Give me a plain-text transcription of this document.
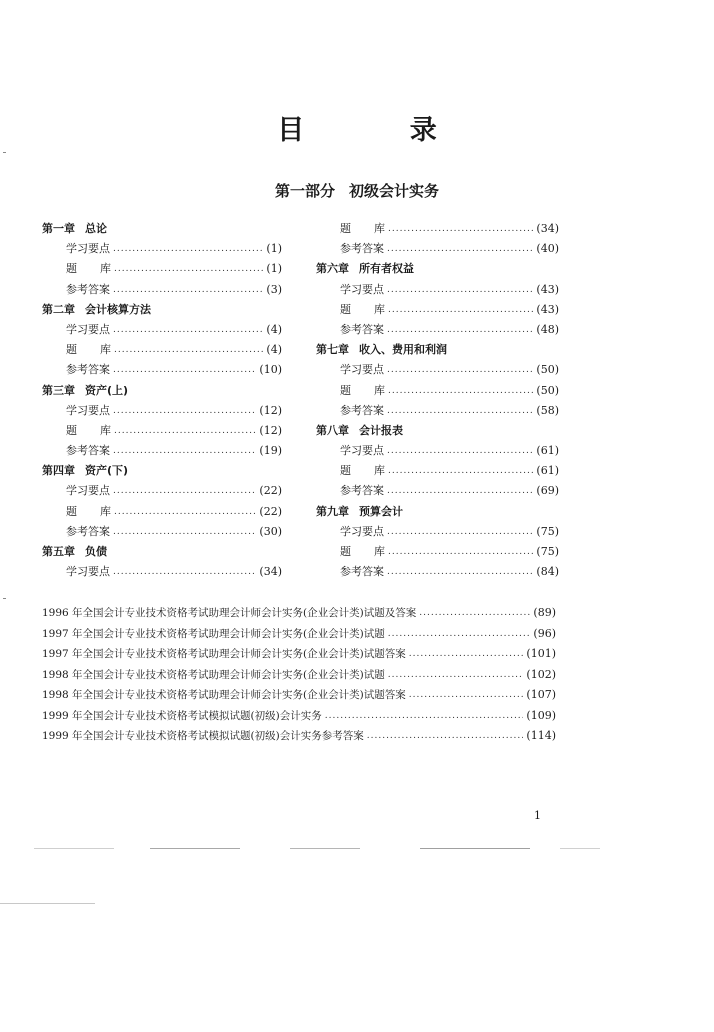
目 录
第一部分 初级会计实务
第一章 总论
学习要点 .....	(1)
题 库 .....	(1)
参考答案 .....	(3)
第二章 会计核算方法
学习要点 .....	(4)
题 库 .....	(4)
参考答案 .....	(10)
第三章 资产(上)
学习要点 .....	(12)
题 库 .....	(12)
参考答案 .....	(19)
第四章 资产(下)
学习要点 .....	(22)
题 库 .....	(22)
参考答案 .....	(30)
第五章 负债
学习要点 .....	(34)
题 库 .....	(34)
参考答案 .....	(40)
第六章 所有者权益
学习要点 .....	(43)
题 库 .....	(43)
参考答案 .....	(48)
第七章 收入、费用和利润
学习要点 .....	(50)
题 库 .....	(50)
参考答案 .....	(58)
第八章 会计报表
学习要点 .....	(61)
题 库 .....	(61)
参考答案 .....	(69)
第九章 预算会计
学习要点 .....	(75)
题 库 .....	(75)
参考答案 .....	(84)
1996 年全国会计专业技术资格考试助理会计师会计实务(企业会计类)试题及答案 .....	(89)
1997 年全国会计专业技术资格考试助理会计师会计实务(企业会计类)试题 .....	(96)
1997 年全国会计专业技术资格考试助理会计师会计实务(企业会计类)试题答案 .....	(101)
1998 年全国会计专业技术资格考试助理会计师会计实务(企业会计类)试题 .....	(102)
1998 年全国会计专业技术资格考试助理会计师会计实务(企业会计类)试题答案 .....	(107)
1999 年全国会计专业技术资格考试模拟试题(初级)会计实务 .....	(109)
1999 年全国会计专业技术资格考试模拟试题(初级)会计实务参考答案 .....	(114)
1
